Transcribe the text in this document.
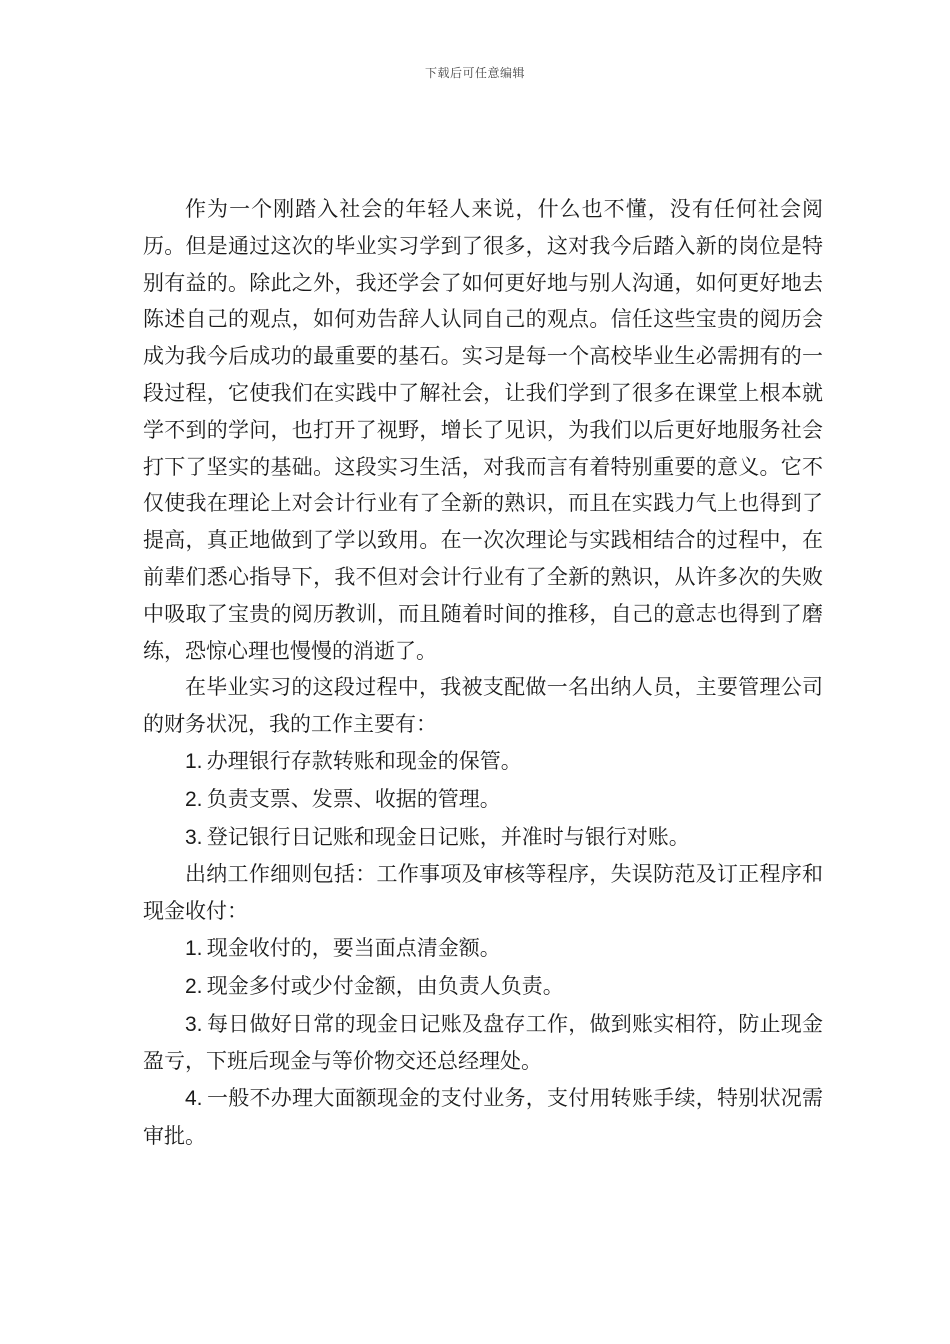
下载后可任意编辑

作为一个刚踏入社会的年轻人来说，什么也不懂，没有任何社会阅历。但是通过这次的毕业实习学到了很多，这对我今后踏入新的岗位是特别有益的。除此之外，我还学会了如何更好地与别人沟通，如何更好地去陈述自己的观点，如何劝告辞人认同自己的观点。信任这些宝贵的阅历会成为我今后成功的最重要的基石。实习是每一个高校毕业生必需拥有的一段过程，它使我们在实践中了解社会，让我们学到了很多在课堂上根本就学不到的学问，也打开了视野，增长了见识，为我们以后更好地服务社会打下了坚实的基础。这段实习生活，对我而言有着特别重要的意义。它不仅使我在理论上对会计行业有了全新的熟识，而且在实践力气上也得到了提高，真正地做到了学以致用。在一次次理论与实践相结合的过程中，在前辈们悉心指导下，我不但对会计行业有了全新的熟识，从许多次的失败中吸取了宝贵的阅历教训，而且随着时间的推移，自己的意志也得到了磨练，恐惊心理也慢慢的消逝了。

在毕业实习的这段过程中，我被支配做一名出纳人员，主要管理公司的财务状况，我的工作主要有：

1. 办理银行存款转账和现金的保管。

2. 负责支票、发票、收据的管理。

3. 登记银行日记账和现金日记账，并准时与银行对账。

出纳工作细则包括：工作事项及审核等程序，失误防范及订正程序和现金收付：

1. 现金收付的，要当面点清金额。

2. 现金多付或少付金额，由负责人负责。

3. 每日做好日常的现金日记账及盘存工作，做到账实相符，防止现金盈亏，下班后现金与等价物交还总经理处。

4. 一般不办理大面额现金的支付业务，支付用转账手续，特别状况需审批。
